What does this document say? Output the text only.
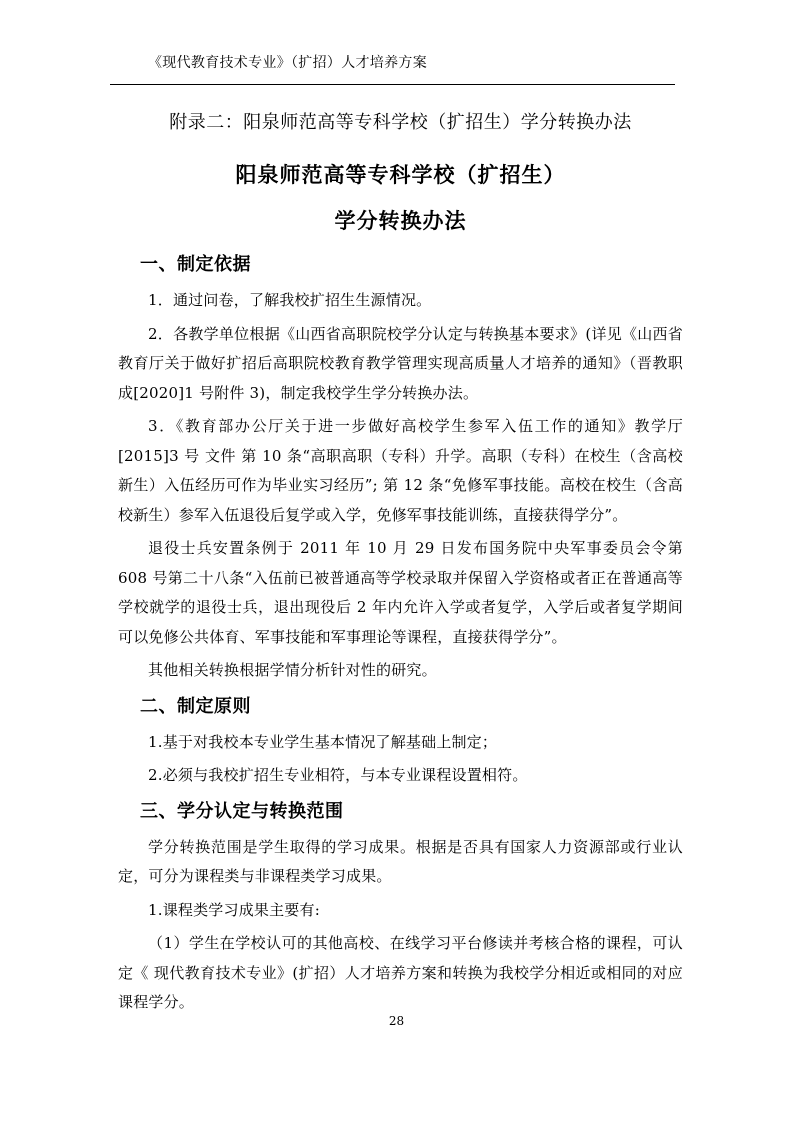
《现代教育技术专业》（扩招）人才培养方案
附录二：阳泉师范高等专科学校（扩招生）学分转换办法
阳泉师范高等专科学校（扩招生）
学分转换办法
一、制定依据

1．通过问卷，了解我校扩招生生源情况。

2．各教学单位根据《山西省高职院校学分认定与转换基本要求》(详见《山西省教育厅关于做好扩招后高职院校教育教学管理实现高质量人才培养的通知》（晋教职成[2020]1 号附件 3)，制定我校学生学分转换办法。

3．《教育部办公厅关于进一步做好高校学生参军入伍工作的通知》教学厅[2015]3 号 文件 第 10 条“高职高职（专科）升学。高职（专科）在校生（含高校新生）入伍经历可作为毕业实习经历”; 第 12 条“免修军事技能。高校在校生（含高校新生）参军入伍退役后复学或入学，免修军事技能训练，直接获得学分”。

退役士兵安置条例于 2011 年 10 月 29 日发布国务院中央军事委员会令第 608 号第二十八条“入伍前已被普通高等学校录取并保留入学资格或者正在普通高等学校就学的退役士兵，退出现役后 2 年内允许入学或者复学，入学后或者复学期间可以免修公共体育、军事技能和军事理论等课程，直接获得学分”。

其他相关转换根据学情分析针对性的研究。

二、制定原则

1.基于对我校本专业学生基本情况了解基础上制定；

2.必须与我校扩招生专业相符，与本专业课程设置相符。

三、学分认定与转换范围

学分转换范围是学生取得的学习成果。根据是否具有国家人力资源部或行业认定，可分为课程类与非课程类学习成果。

1.课程类学习成果主要有:

（1）学生在学校认可的其他高校、在线学习平台修读并考核合格的课程，可认定《 现代教育技术专业》(扩招）人才培养方案和转换为我校学分相近或相同的对应课程学分。

28
